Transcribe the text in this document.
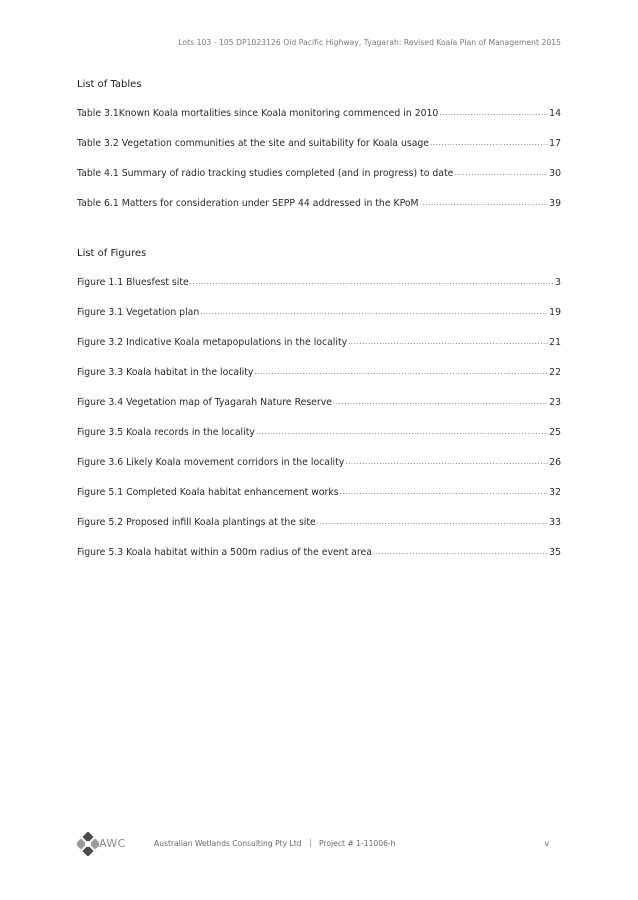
Lots 103 - 105 DP1023126 Old Pacific Highway, Tyagarah: Revised Koala Plan of Management 2015
List of Tables
Table 3.1Known Koala mortalities since Koala monitoring commenced in 2010 .....	14
Table 3.2 Vegetation communities at the site and suitability for Koala usage .....	17
Table 4.1 Summary of radio tracking studies completed (and in progress) to date .....	30
Table 6.1 Matters for consideration under SEPP 44 addressed in the KPoM .....	39
List of Figures
Figure 1.1 Bluesfest site .....	3
Figure 3.1 Vegetation plan .....	19
Figure 3.2 Indicative Koala metapopulations in the locality .....	21
Figure 3.3 Koala habitat in the locality .....	22
Figure 3.4 Vegetation map of Tyagarah Nature Reserve .....	23
Figure 3.5 Koala records in the locality .....	25
Figure 3.6 Likely Koala movement corridors in the locality .....	26
Figure 5.1 Completed Koala habitat enhancement works .....	32
Figure 5.2 Proposed infill Koala plantings at the site .....	33
Figure 5.3 Koala habitat within a 500m radius of the event area .....	35
AWC	Australian Wetlands Consulting Pty Ltd | Project # 1-11006-h	v
